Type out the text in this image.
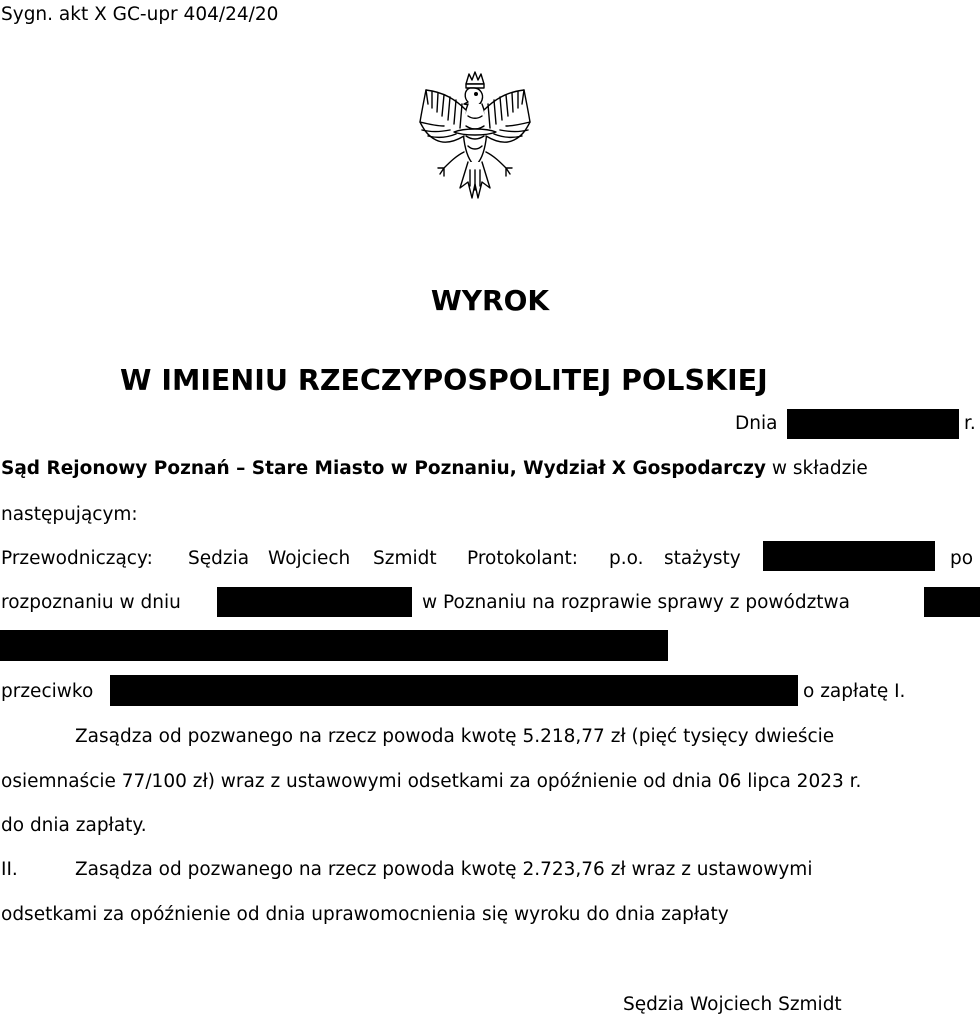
Sygn. akt X GC-upr 404/24/20
WYROK
W IMIENIU RZECZYPOSPOLITEJ POLSKIEJ
Dnia	r.
Sąd Rejonowy Poznań – Stare Miasto w Poznaniu, Wydział X Gospodarczy w składzie
następującym:
Przewodniczący: Sędzia Wojciech Szmidt Protokolant: p.o. stażysty	po
rozpoznaniu w dniu	w Poznaniu na rozprawie sprawy z powództwa
przeciwko	o zapłatę I.
Zasądza od pozwanego na rzecz powoda kwotę 5.218,77 zł (pięć tysięcy dwieście
osiemnaście 77/100 zł) wraz z ustawowymi odsetkami za opóźnienie od dnia 06 lipca 2023 r.
do dnia zapłaty.
II.	Zasądza od pozwanego na rzecz powoda kwotę 2.723,76 zł wraz z ustawowymi
odsetkami za opóźnienie od dnia uprawomocnienia się wyroku do dnia zapłaty
Sędzia Wojciech Szmidt
